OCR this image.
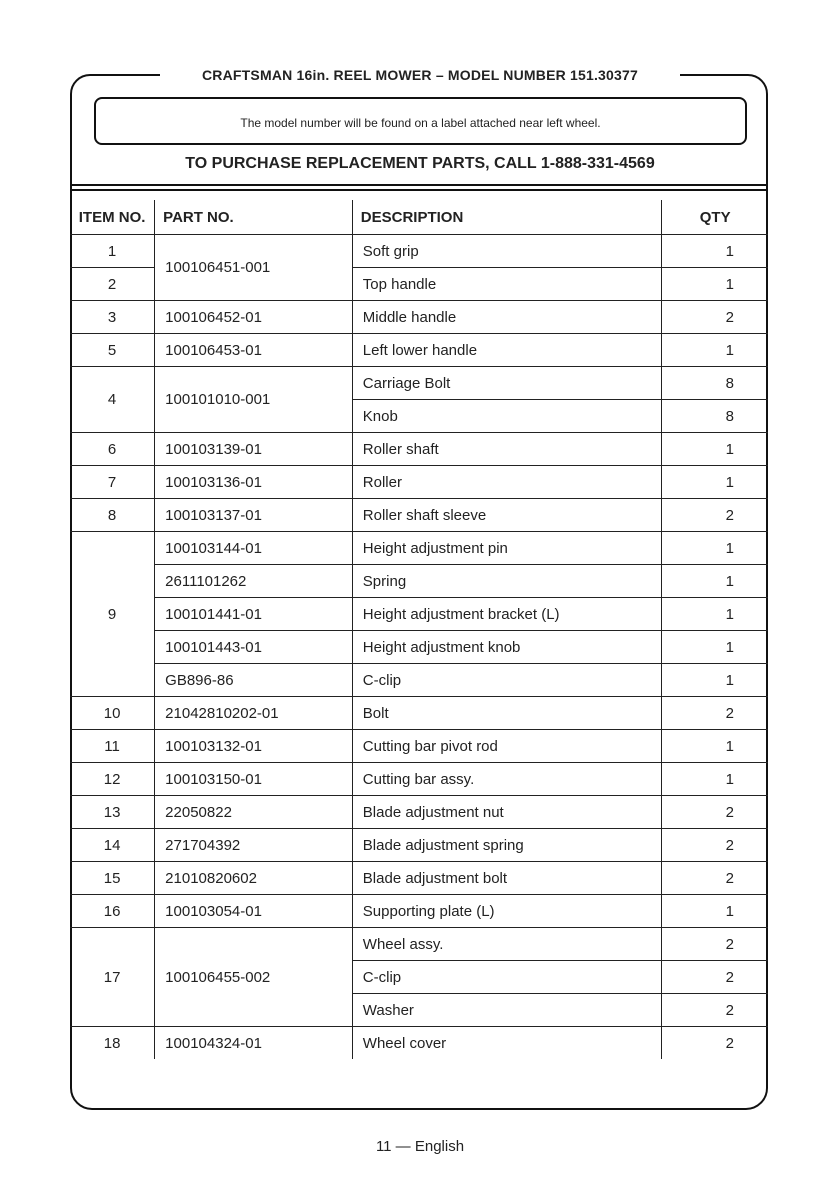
CRAFTSMAN 16in. REEL MOWER – MODEL NUMBER 151.30377
The model number will be found on a label attached near left wheel.
TO PURCHASE REPLACEMENT PARTS, CALL 1-888-331-4569
ITEM NO.	PART NO.	DESCRIPTION	QTY
1	100106451-001	Soft grip	1
2		Top handle	1
3	100106452-01	Middle handle	2
5	100106453-01	Left lower handle	1
4	100101010-001	Carriage Bolt	8
		Knob	8
6	100103139-01	Roller shaft	1
7	100103136-01	Roller	1
8	100103137-01	Roller shaft sleeve	2
9	100103144-01	Height adjustment pin	1
	2611101262	Spring	1
	100101441-01	Height adjustment bracket (L)	1
	100101443-01	Height adjustment knob	1
	GB896-86	C-clip	1
10	21042810202-01	Bolt	2
11	100103132-01	Cutting bar pivot rod	1
12	100103150-01	Cutting bar assy.	1
13	22050822	Blade adjustment nut	2
14	271704392	Blade adjustment spring	2
15	21010820602	Blade adjustment bolt	2
16	100103054-01	Supporting plate (L)	1
17	100106455-002	Wheel assy.	2
		C-clip	2
		Washer	2
18	100104324-01	Wheel cover	2
11 — English
